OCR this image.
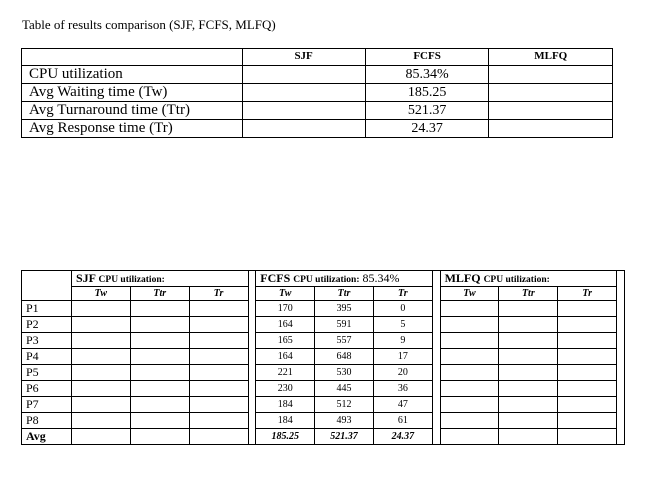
Table of results comparison (SJF, FCFS, MLFQ)
	SJF	FCFS	MLFQ
CPU utilization		85.34%	
Avg Waiting time (Tw)		185.25	
Avg Turnaround time (Ttr)		521.37	
Avg Response time (Tr)		24.37	
	SJF CPU utilization:				FCFS CPU utilization: 85.34%				MLFQ CPU utilization:			
	Tw	Ttr	Tr		Tw	Ttr	Tr		Tw	Ttr	Tr	
P1					170	395	0					
P2					164	591	5					
P3					165	557	9					
P4					164	648	17					
P5					221	530	20					
P6					230	445	36					
P7					184	512	47					
P8					184	493	61					
Avg					185.25	521.37	24.37					
